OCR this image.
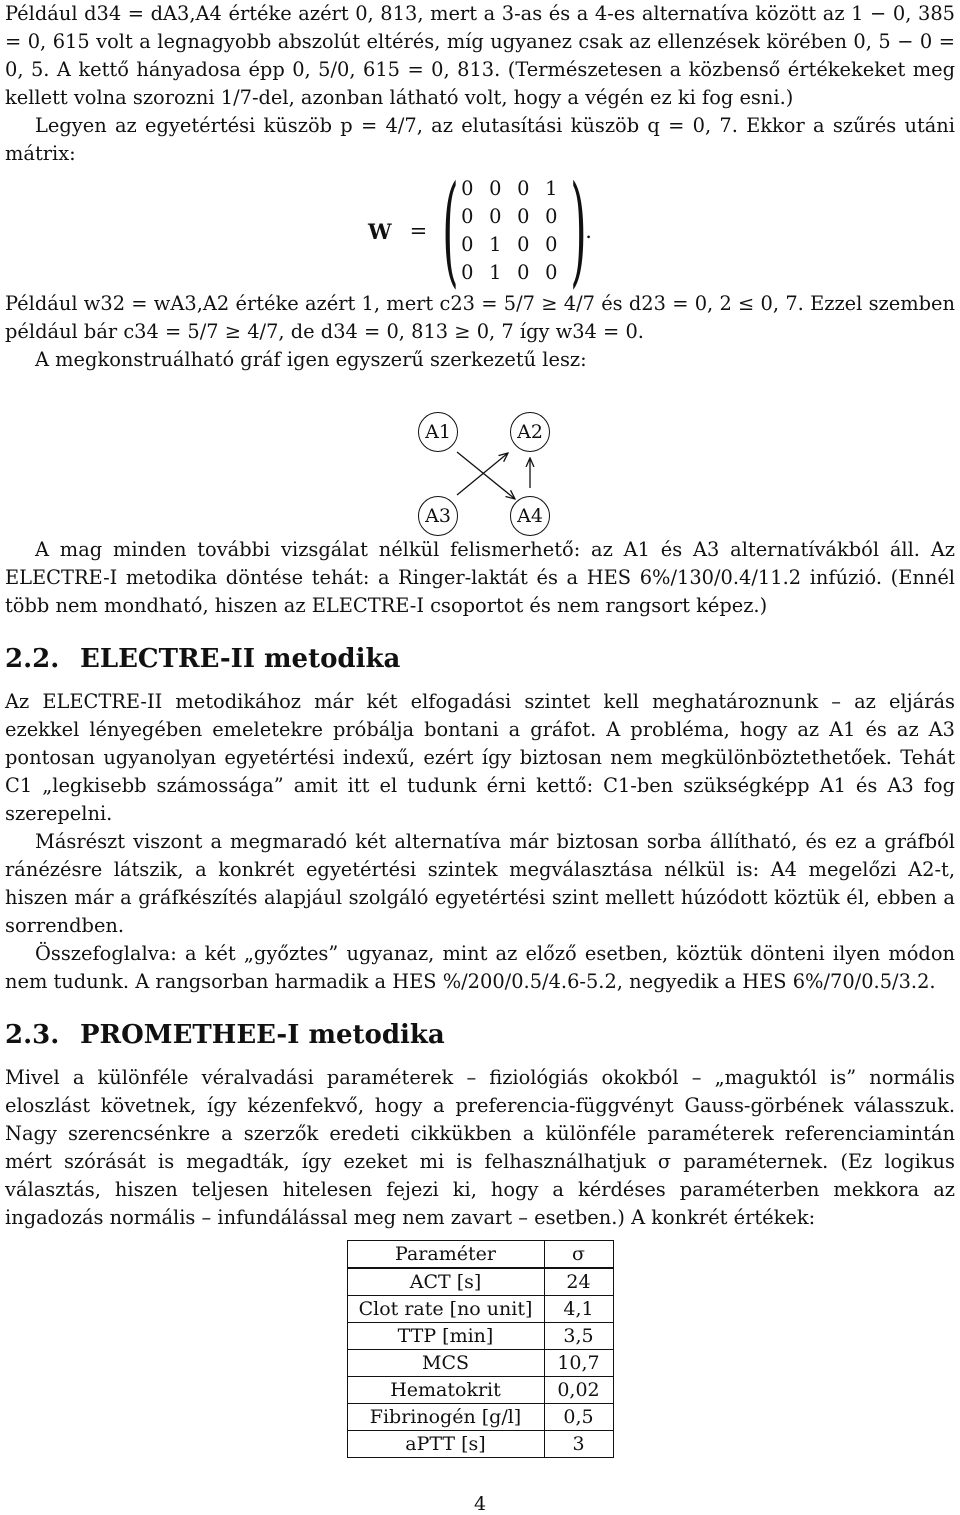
Például d34 = dA3,A4 értéke azért 0, 813, mert a 3-as és a 4-es alternatíva között az 1 − 0, 385 = 0, 615 volt a legnagyobb abszolút eltérés, míg ugyanez csak az ellenzések körében 0, 5 − 0 = 0, 5. A kettő hányadosa épp 0, 5/0, 615 = 0, 813. (Természetesen a közbenső értékekeket meg kellett volna szorozni 1/7-del, azonban látható volt, hogy a végén ez ki fog esni.)

Legyen az egyetértési küszöb p = 4/7, az elutasítási küszöb q = 0, 7. Ekkor a szűrés utáni mátrix:

W = ( 0 0 0 1
0 0 0 0
0 1 0 0
0 1 0 0 )
.

Például w32 = wA3,A2 értéke azért 1, mert c23 = 5/7 ≥ 4/7 és d23 = 0, 2 ≤ 0, 7. Ezzel szemben például bár c34 = 5/7 ≥ 4/7, de d34 = 0, 813 ≥ 0, 7 így w34 = 0.

A megkonstruálható gráf igen egyszerű szerkezetű lesz:

A1	A2
A3	A4

A mag minden további vizsgálat nélkül felismerhető: az A1 és A3 alternatívákból áll. Az ELECTRE-I metodika döntése tehát: a Ringer-laktát és a HES 6%/130/0.4/11.2 infúzió. (Ennél több nem mondható, hiszen az ELECTRE-I csoportot és nem rangsort képez.)

2.2. ELECTRE-II metodika

Az ELECTRE-II metodikához már két elfogadási szintet kell meghatároznunk – az eljárás ezekkel lényegében emeletekre próbálja bontani a gráfot. A probléma, hogy az A1 és az A3 pontosan ugyanolyan egyetértési indexű, ezért így biztosan nem megkülönböztethetőek. Tehát C1 „legkisebb számossága” amit itt el tudunk érni kettő: C1-ben szükségképp A1 és A3 fog szerepelni.

Másrészt viszont a megmaradó két alternatíva már biztosan sorba állítható, és ez a gráfból ránézésre látszik, a konkrét egyetértési szintek megválasztása nélkül is: A4 megelőzi A2-t, hiszen már a gráfkészítés alapjául szolgáló egyetértési szint mellett húzódott köztük él, ebben a sorrendben.

Összefoglalva: a két „győztes” ugyanaz, mint az előző esetben, köztük dönteni ilyen módon nem tudunk. A rangsorban harmadik a HES %/200/0.5/4.6-5.2, negyedik a HES 6%/70/0.5/3.2.

2.3. PROMETHEE-I metodika

Mivel a különféle véralvadási paraméterek – fiziológiás okokból – „maguktól is” normális eloszlást követnek, így kézenfekvő, hogy a preferencia-függvényt Gauss-görbének válasszuk. Nagy szerencsénkre a szerzők eredeti cikkükben a különféle paraméterek referenciamintán mért szórását is megadták, így ezeket mi is felhasználhatjuk σ paraméternek. (Ez logikus választás, hiszen teljesen hitelesen fejezi ki, hogy a kérdéses paraméterben mekkora az ingadozás normális – infundálással meg nem zavart – esetben.) A konkrét értékek:

Paraméter	σ
ACT [s]	24
Clot rate [no unit]	4,1
TTP [min]	3,5
MCS	10,7
Hematokrit	0,02
Fibrinogén [g/l]	0,5
aPTT [s]	3
4
